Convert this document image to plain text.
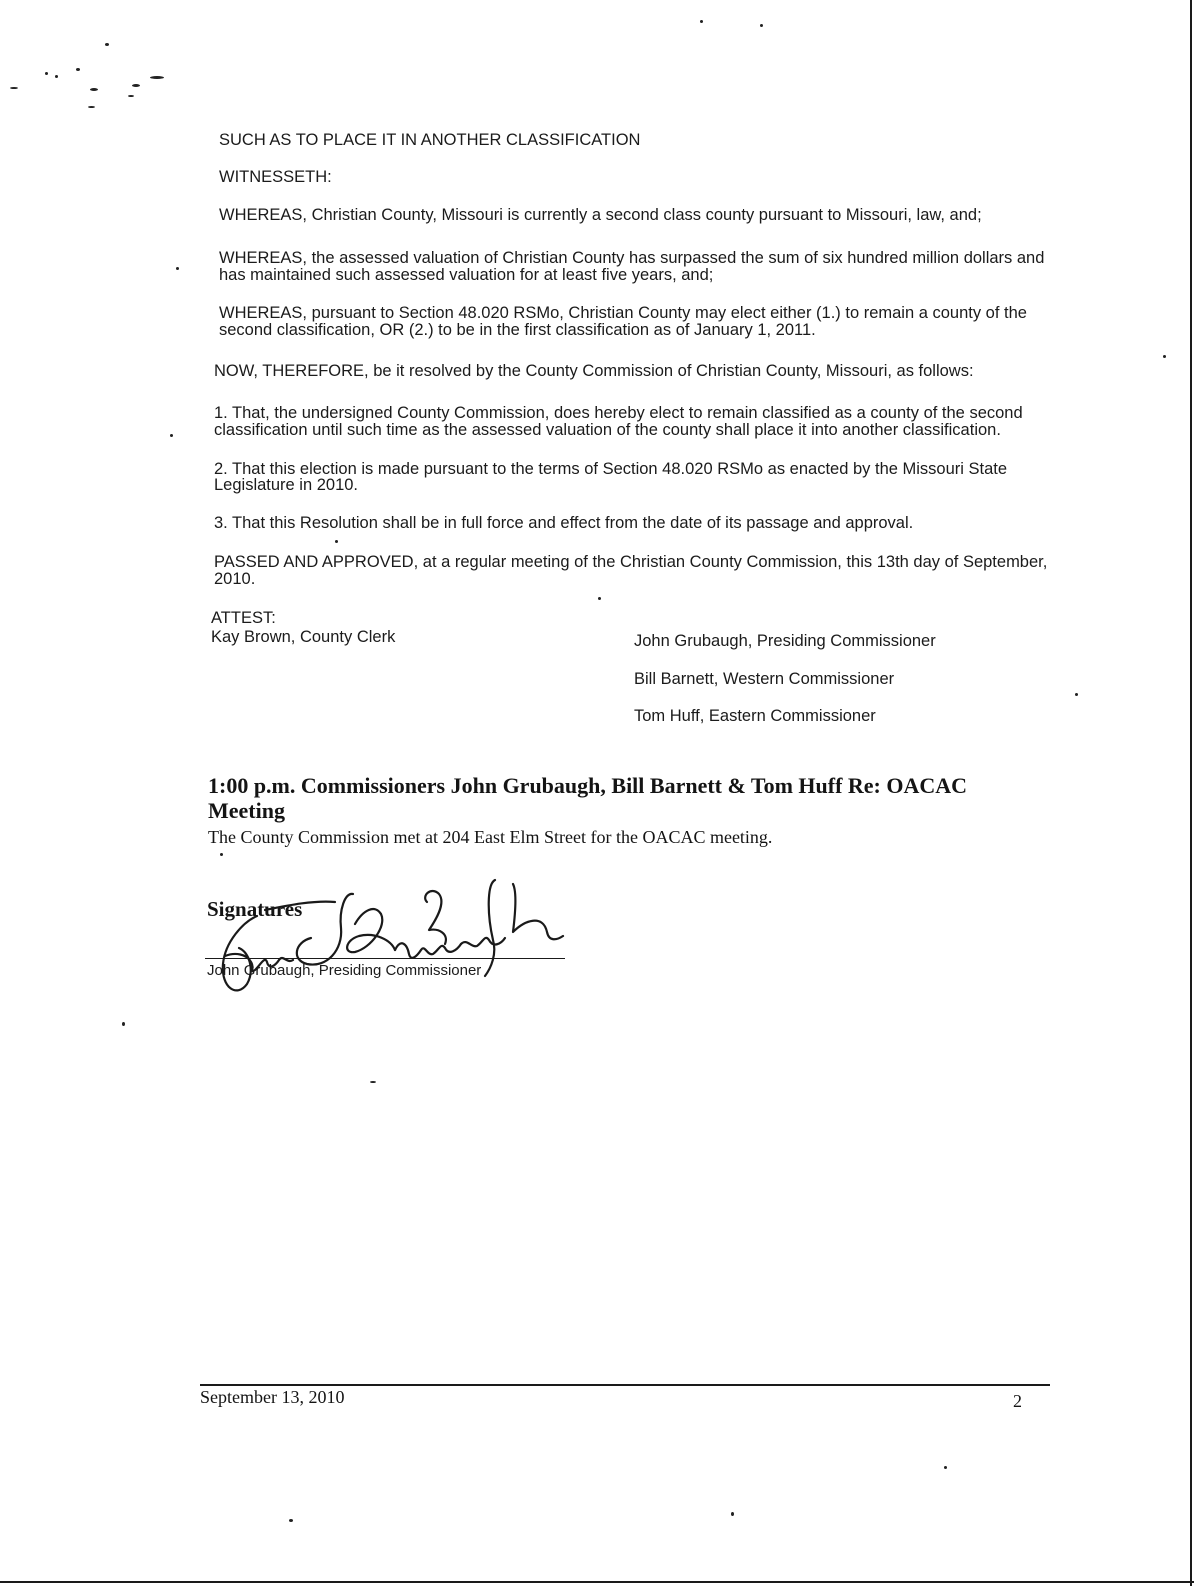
SUCH AS TO PLACE IT IN ANOTHER CLASSIFICATION

WITNESSETH:

WHEREAS, Christian County, Missouri is currently a second class county pursuant to Missouri, law, and;

WHEREAS, the assessed valuation of Christian County has surpassed the sum of six hundred million dollars and

has maintained such assessed valuation for at least five years, and;

WHEREAS, pursuant to Section 48.020 RSMo, Christian County may elect either (1.) to remain a county of the

second classification, OR (2.) to be in the first classification as of January 1, 2011.

NOW, THEREFORE, be it resolved by the County Commission of Christian County, Missouri, as follows:

1. That, the undersigned County Commission, does hereby elect to remain classified as a county of the second

classification until such time as the assessed valuation of the county shall place it into another classification.

2. That this election is made pursuant to the terms of Section 48.020 RSMo as enacted by the Missouri State

Legislature in 2010.

3. That this Resolution shall be in full force and effect from the date of its passage and approval.

PASSED AND APPROVED, at a regular meeting of the Christian County Commission, this 13th day of September,

2010.

ATTEST:

Kay Brown, County Clerk	John Grubaugh, Presiding Commissioner

Bill Barnett, Western Commissioner

Tom Huff, Eastern Commissioner

1:00 p.m. Commissioners John Grubaugh, Bill Barnett & Tom Huff Re: OACAC
Meeting

The County Commission met at 204 East Elm Street for the OACAC meeting.

Signatures

John Grubaugh, Presiding Commissioner

September 13, 2010	2
